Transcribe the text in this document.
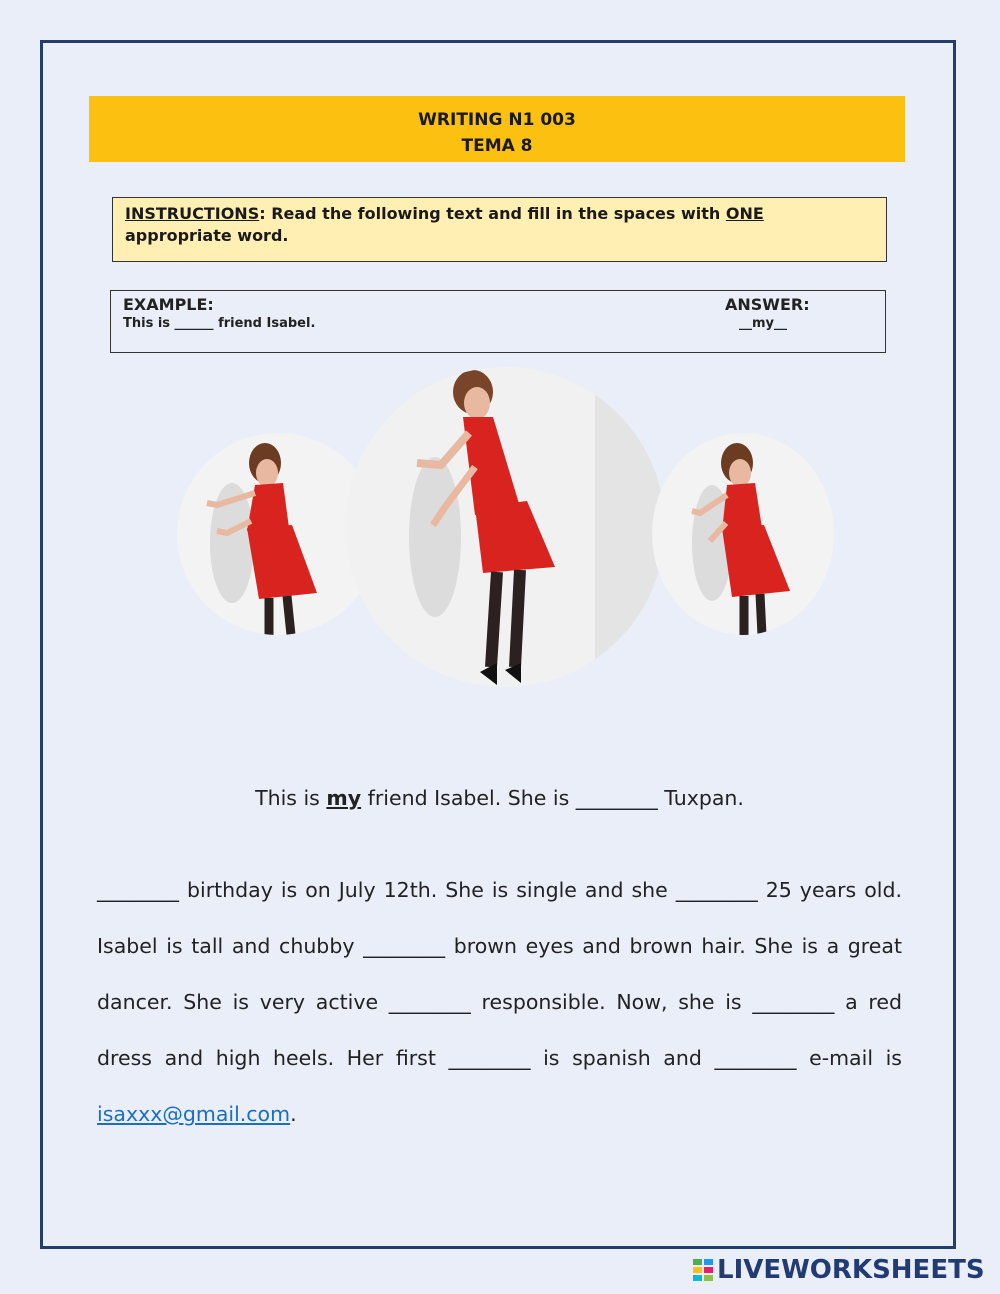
WRITING N1 003
TEMA 8
INSTRUCTIONS: Read the following text and fill in the spaces with ONE appropriate word.
EXAMPLE:
This is ______ friend Isabel.
ANSWER:
__my__
This is my friend Isabel. She is ________ Tuxpan.
________ birthday is on July 12th. She is single and she ________ 25 years old. Isabel is tall and chubby ________ brown eyes and brown hair. She is a great dancer. She is very active ________ responsible. Now, she is ________ a red dress and high heels. Her first ________ is spanish and ________ e-mail is isaxxx@gmail.com.
LIVEWORKSHEETS
